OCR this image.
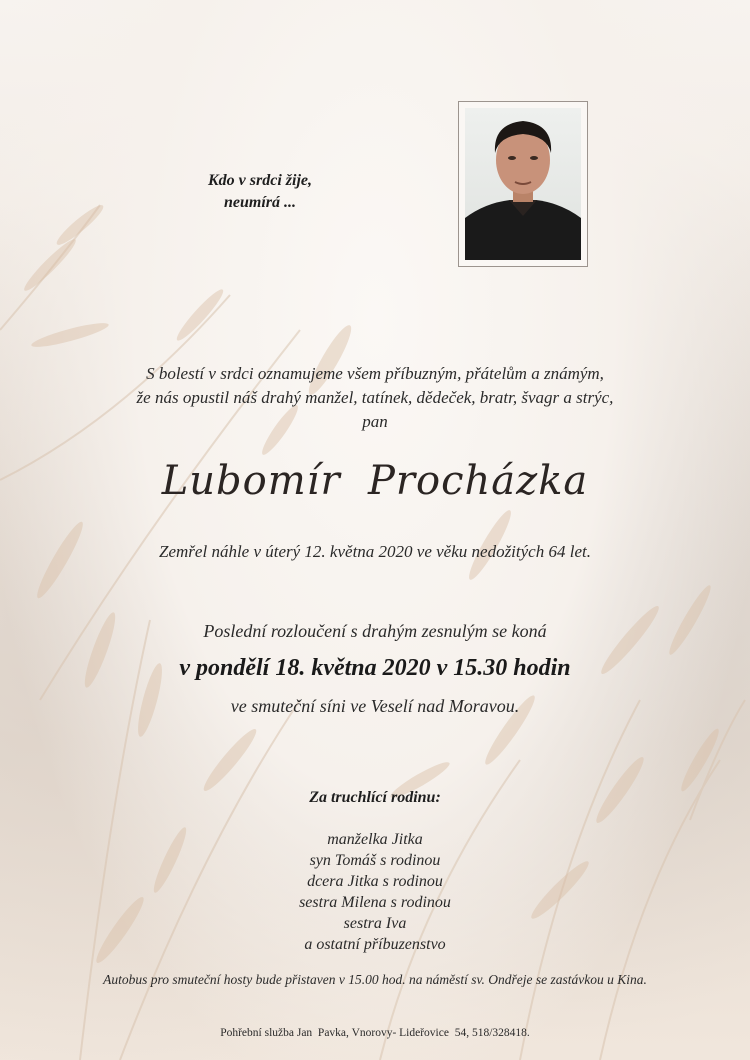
Kdo v srdci žije,
neumírá ...
S bolestí v srdci oznamujeme všem příbuzným, přátelům a známým,
že nás opustil náš drahý manžel, tatínek, dědeček, bratr, švagr a strýc,
pan
Lubomír  Procházka
Zemřel náhle v úterý 12. května 2020 ve věku nedožitých 64 let.
Poslední rozloučení s drahým zesnulým se koná
v pondělí 18. května 2020 v 15.30 hodin
ve smuteční síni ve Veselí nad Moravou.
Za truchlící rodinu:
manželka Jitka
syn Tomáš s rodinou
dcera Jitka s rodinou
sestra Milena s rodinou
sestra Iva
a ostatní příbuzenstvo
Autobus pro smuteční hosty bude přistaven v 15.00 hod. na náměstí sv. Ondřeje se zastávkou u Kina.
Pohřební služba Jan  Pavka, Vnorovy- Lideřovice  54, 518/328418.
